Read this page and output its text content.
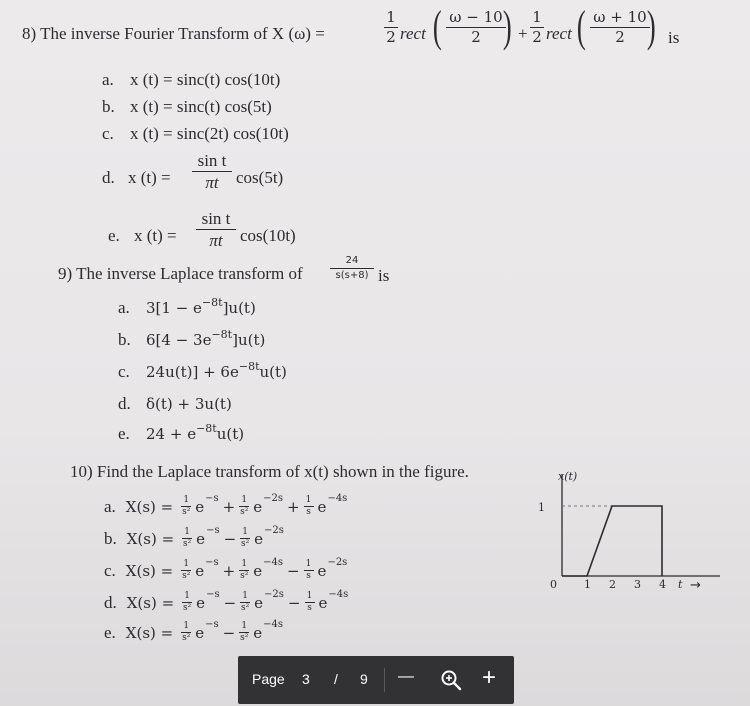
8) The inverse Fourier Transform of X (ω) =
1
2 rect ( ω − 10
2 ) +
1
2 rect ( ω + 10
2 ) is
a. x (t) = sinc(t) cos(10t)
b. x (t) = sinc(t) cos(5t)
c. x (t) = sinc(2t) cos(10t)
d. x (t) =
sin t
πt	cos(5t)
e. x (t) =
sin t
πt	cos(10t)
9) The inverse Laplace transform of
24
s(s+8) is
a. $3[1 - e^{-8t}]u(t)$
b. $6[4 - 3e^{-8t}]u(t)$
c. $24u(t)] + 6e^{-8t}u(t)$
d. δ(t) + 3u(t)
e. $24 + e^{-8t}u(t)$
10) Find the Laplace transform of x(t) shown in the figure.
a. X(s) = 1
s² e −s + 1
s² e −2s + 1
s e −4s
b. X(s) = 1
s² e −s − 1
s² e −2s
c. X(s) = 1
s² e −s + 1
s² e −4s − 1
s e −2s
d. X(s) = 1
s² e −s − 1
s² e −2s − 1
s e −4s
e. X(s) = 1
s² e −s − 1
s² e −4s
x(t)
1
0 1 2 3 4 t →
Page 3 / 9 —	+
